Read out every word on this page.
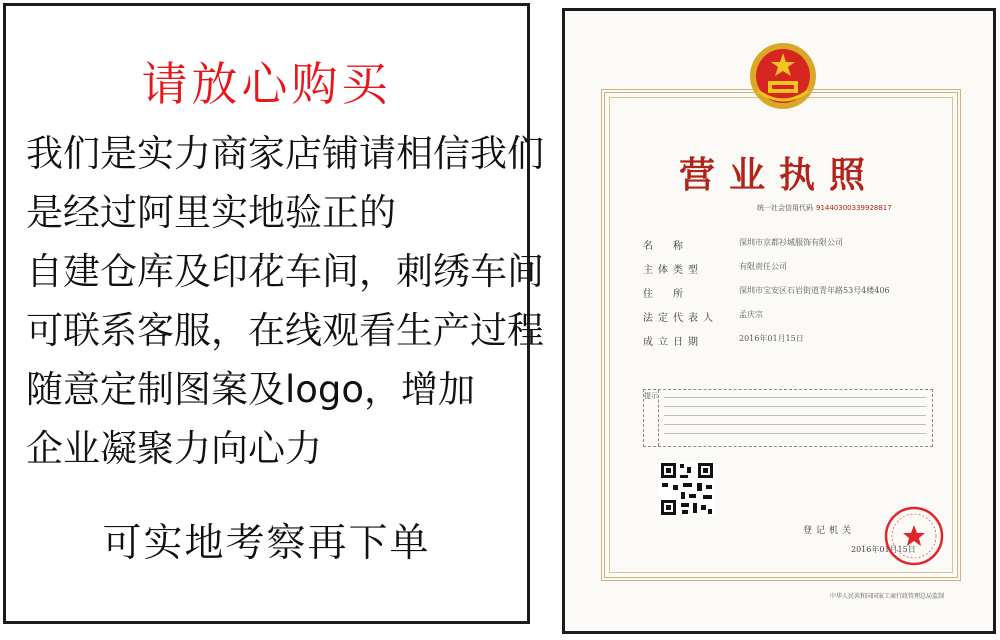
请放心购买
我们是实力商家店铺请相信我们
是经过阿里实地验正的
自建仓库及印花车间，刺绣车间
可联系客服，在线观看生产过程
随意定制图案及logo，增加
企业凝聚力向心力
可实地考察再下单
营业执照
统一社会信用代码 91440300339928817
名　称	深圳市京都衫城服饰有限公司
主体类型	有限责任公司
住　所	深圳市宝安区石岩街道青年路53号4楼406
法定代表人	孟庆宗
成立日期	2016年01月15日
提示
登记机关
2016年01月15日
中华人民共和国国家工商行政管理总局监制
